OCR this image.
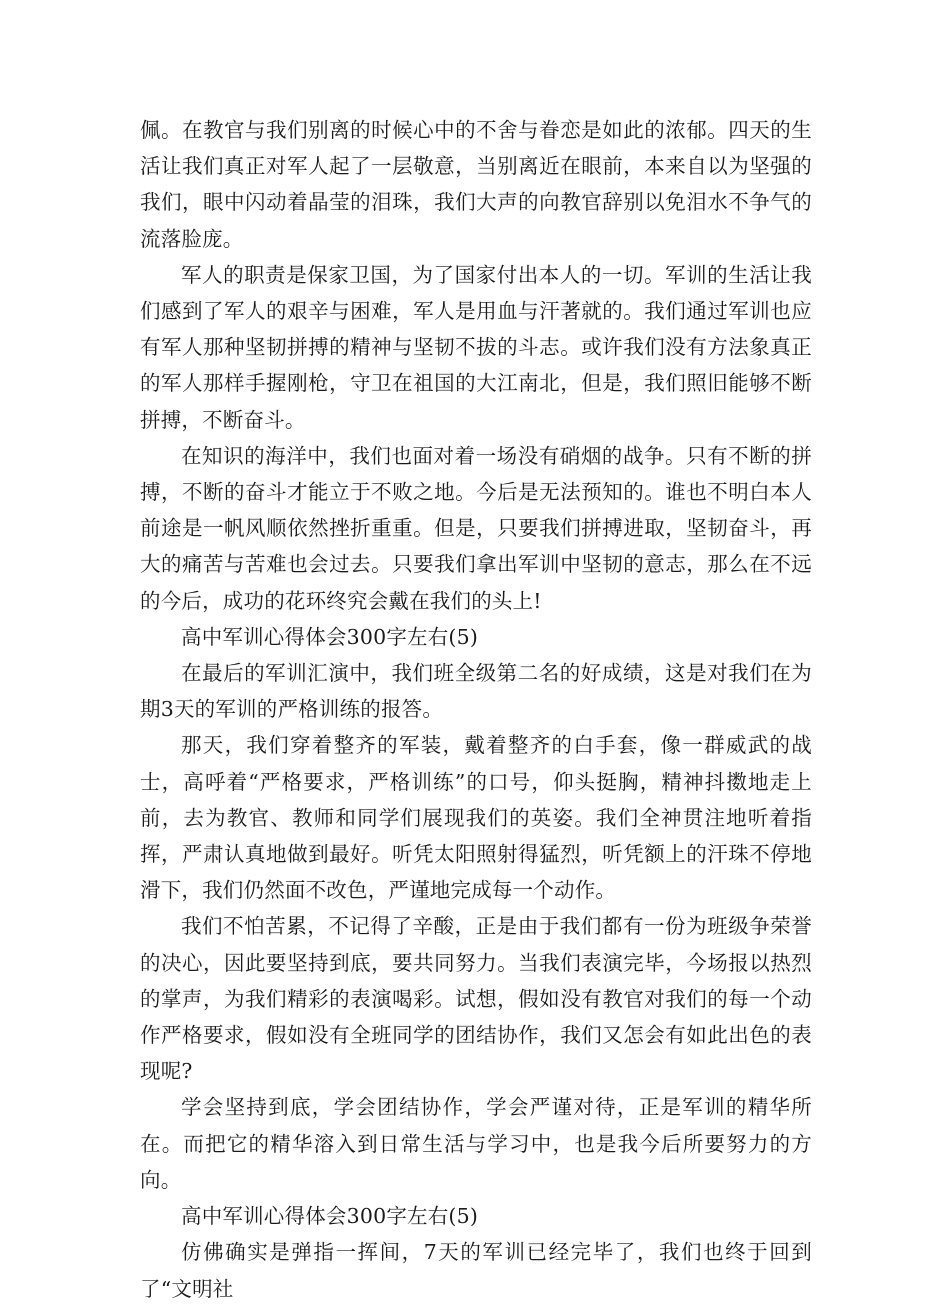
佩。在教官与我们别离的时候心中的不舍与眷恋是如此的浓郁。四天的生活让我们真正对军人起了一层敬意，当别离近在眼前，本来自以为坚强的我们，眼中闪动着晶莹的泪珠，我们大声的向教官辞别以免泪水不争气的流落脸庞。

军人的职责是保家卫国，为了国家付出本人的一切。军训的生活让我们感到了军人的艰辛与困难，军人是用血与汗著就的。我们通过军训也应有军人那种坚韧拼搏的精神与坚韧不拔的斗志。或许我们没有方法象真正的军人那样手握刚枪，守卫在祖国的大江南北，但是，我们照旧能够不断拼搏，不断奋斗。

在知识的海洋中，我们也面对着一场没有硝烟的战争。只有不断的拼搏，不断的奋斗才能立于不败之地。今后是无法预知的。谁也不明白本人前途是一帆风顺依然挫折重重。但是，只要我们拼搏进取，坚韧奋斗，再大的痛苦与苦难也会过去。只要我们拿出军训中坚韧的意志，那么在不远的今后，成功的花环终究会戴在我们的头上!

高中军训心得体会300字左右(5)

在最后的军训汇演中，我们班全级第二名的好成绩，这是对我们在为期3天的军训的严格训练的报答。

那天，我们穿着整齐的军装，戴着整齐的白手套，像一群威武的战士，高呼着“严格要求，严格训练”的口号，仰头挺胸，精神抖擞地走上前，去为教官、教师和同学们展现我们的英姿。我们全神贯注地听着指挥，严肃认真地做到最好。听凭太阳照射得猛烈，听凭额上的汗珠不停地滑下，我们仍然面不改色，严谨地完成每一个动作。

我们不怕苦累，不记得了辛酸，正是由于我们都有一份为班级争荣誉的决心，因此要坚持到底，要共同努力。当我们表演完毕，今场报以热烈的掌声，为我们精彩的表演喝彩。试想，假如没有教官对我们的每一个动作严格要求，假如没有全班同学的团结协作，我们又怎会有如此出色的表现呢?

学会坚持到底，学会团结协作，学会严谨对待，正是军训的精华所在。而把它的精华溶入到日常生活与学习中，也是我今后所要努力的方向。

高中军训心得体会300字左右(5)

仿佛确实是弹指一挥间，7天的军训已经完毕了，我们也终于回到了“文明社
